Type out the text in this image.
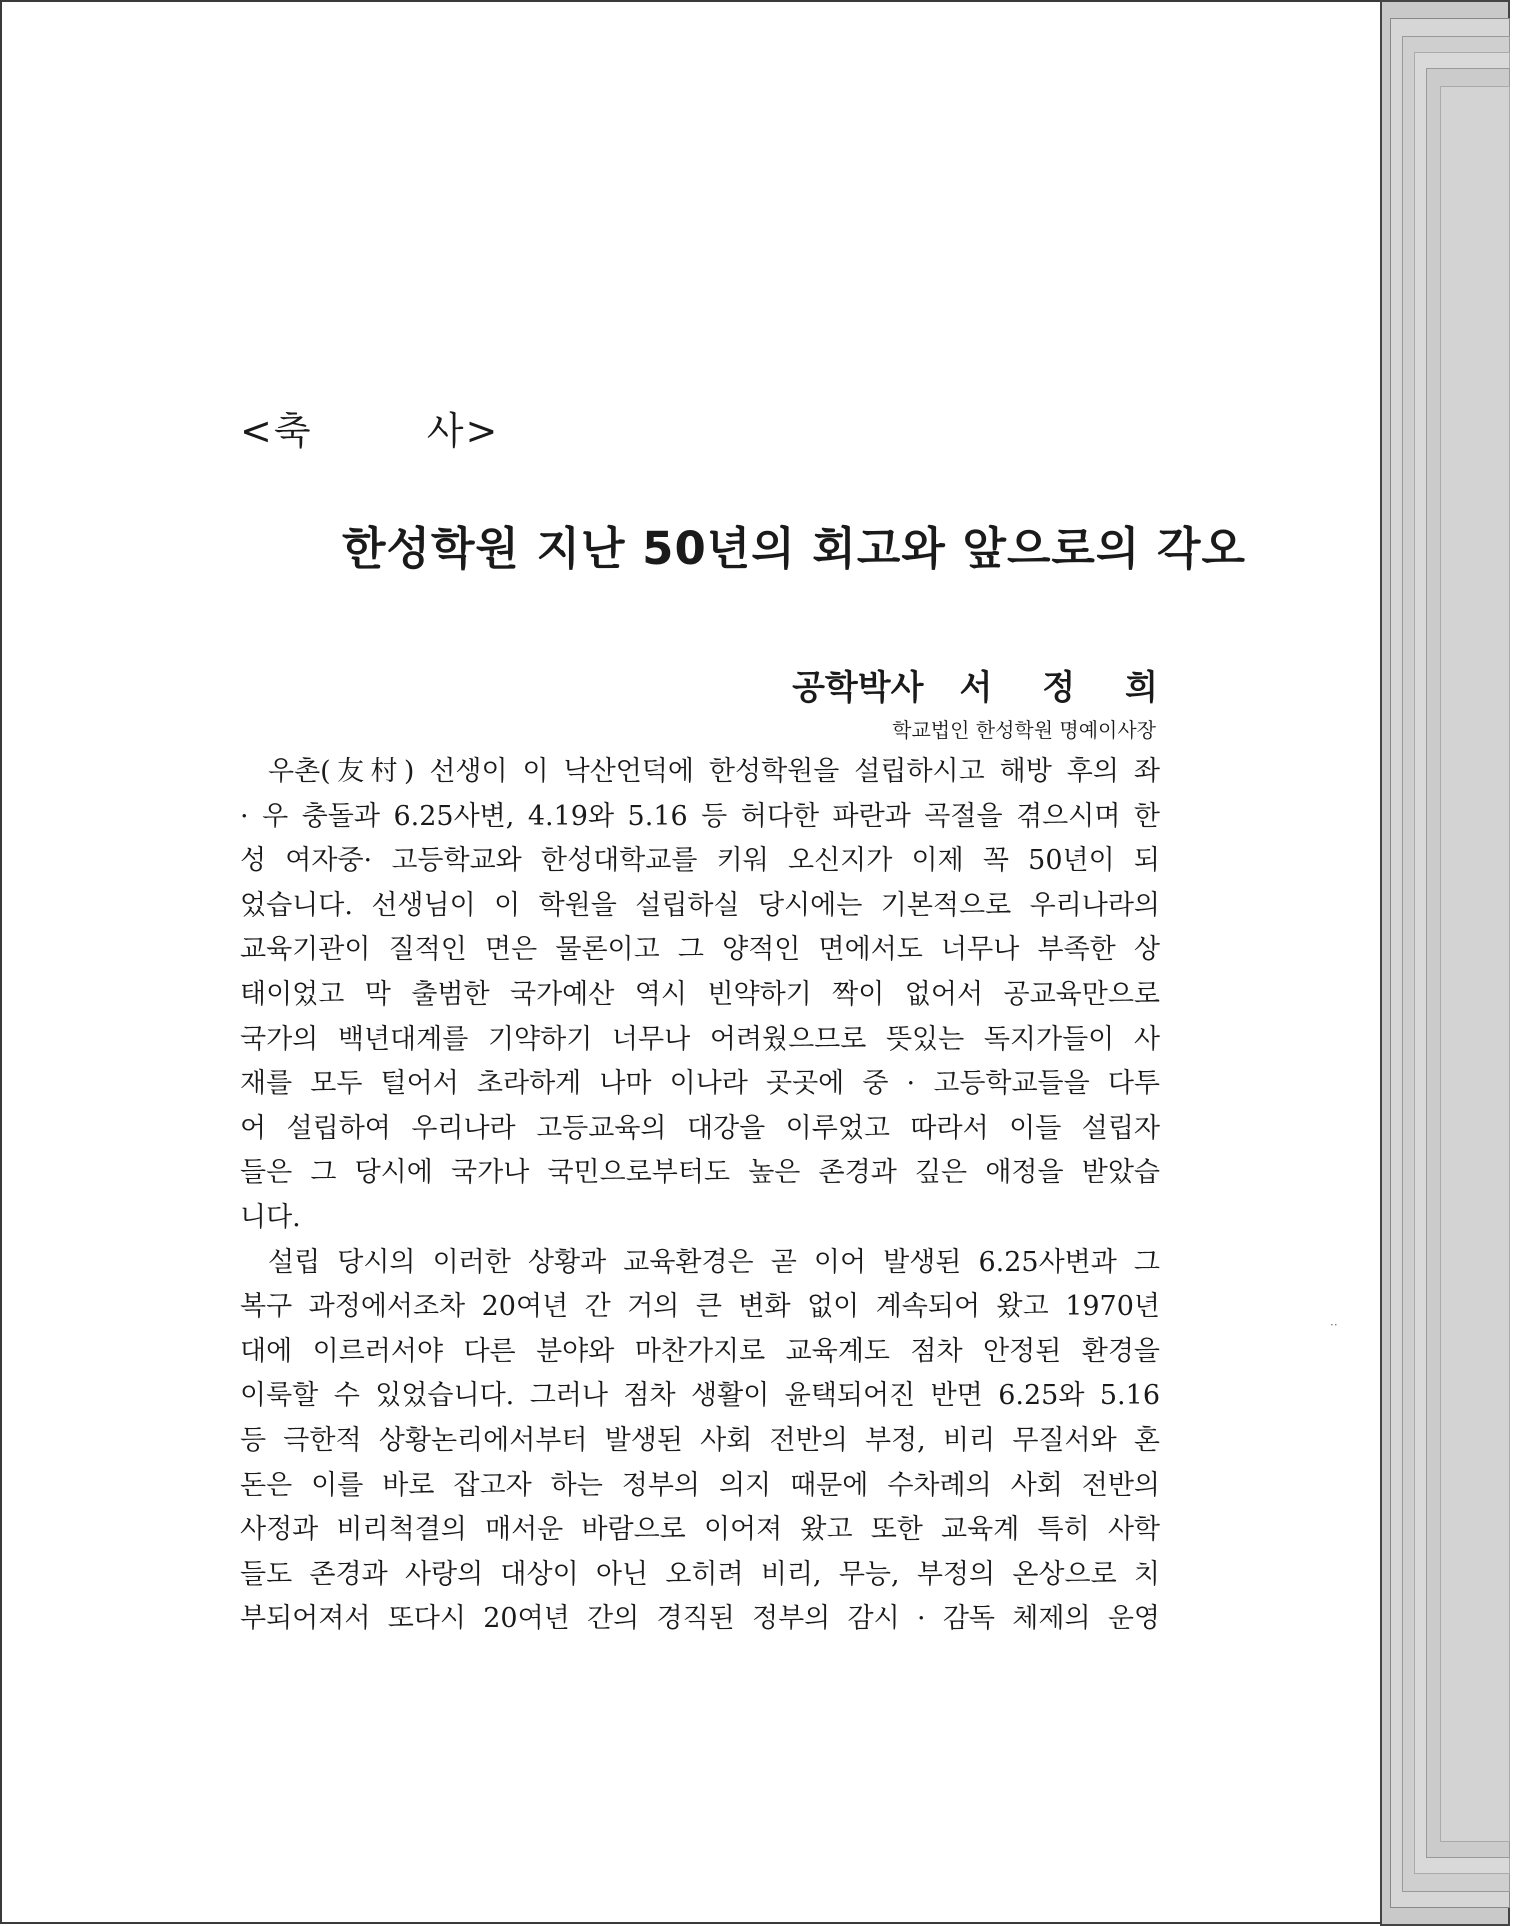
<축   사>
한성학원 지난 50년의 회고와 앞으로의 각오
공학박사 서정희
학교법인 한성학원 명예이사장
우촌(友村) 선생이 이 낙산언덕에 한성학원을 설립하시고 해방 후의 좌
· 우 충돌과 6.25사변, 4.19와 5.16 등 허다한 파란과 곡절을 겪으시며 한
성 여자중· 고등학교와 한성대학교를 키워 오신지가 이제 꼭 50년이 되
었습니다. 선생님이 이 학원을 설립하실 당시에는 기본적으로 우리나라의
교육기관이 질적인 면은 물론이고 그 양적인 면에서도 너무나 부족한 상
태이었고 막 출범한 국가예산 역시 빈약하기 짝이 없어서 공교육만으로
국가의 백년대계를 기약하기 너무나 어려웠으므로 뜻있는 독지가들이 사
재를 모두 털어서 초라하게 나마 이나라 곳곳에 중 · 고등학교들을 다투
어 설립하여 우리나라 고등교육의 대강을 이루었고 따라서 이들 설립자
들은 그 당시에 국가나 국민으로부터도 높은 존경과 깊은 애정을 받았습
니다.
설립 당시의 이러한 상황과 교육환경은 곧 이어 발생된 6.25사변과 그
복구 과정에서조차 20여년 간 거의 큰 변화 없이 계속되어 왔고 1970년
대에 이르러서야 다른 분야와 마찬가지로 교육계도 점차 안정된 환경을
이룩할 수 있었습니다. 그러나 점차 생활이 윤택되어진 반면 6.25와 5.16
등 극한적 상황논리에서부터 발생된 사회 전반의 부정, 비리 무질서와 혼
돈은 이를 바로 잡고자 하는 정부의 의지 때문에 수차례의 사회 전반의
사정과 비리척결의 매서운 바람으로 이어져 왔고 또한 교육계 특히 사학
들도 존경과 사랑의 대상이 아닌 오히려 비리, 무능, 부정의 온상으로 치
부되어져서 또다시 20여년 간의 경직된 정부의 감시 · 감독 체제의 운영
··
